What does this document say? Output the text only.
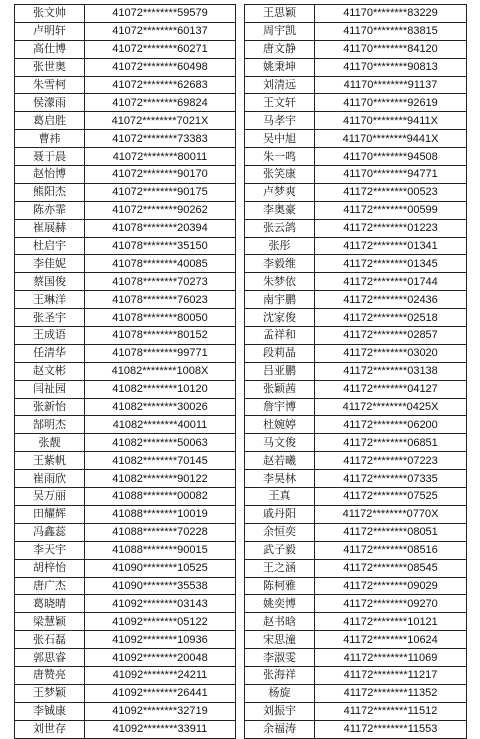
张文帅	41072********59579
卢明轩	41072********60137
高仕博	41072********60271
张世奥	41072********60498
朱雪柯	41072********62683
侯濛雨	41072********69824
葛启胜	41072********7021X
曹祎	41072********73383
聂于晨	41072********80011
赵怡博	41072********90170
熊阳杰	41072********90175
陈亦霏	41072********90262
崔展赫	41078********20394
杜启宇	41078********35150
李佳妮	41078********40085
蔡国俊	41078********70273
王琳洋	41078********76023
张圣宇	41078********80050
王成语	41078********80152
任清华	41078********99771
赵文彬	41082********1008X
闫祉园	41082********10120
张新怡	41082********30026
郜明杰	41082********40011
张靓	41082********50063
王紫帆	41082********70145
崔雨欣	41082********90122
吴万丽	41088********00082
田耀辉	41088********10019
冯鑫蕊	41088********70228
李天宇	41088********90015
胡梓怡	41090********10525
唐广杰	41090********35538
葛晓晴	41092********03143
梁慧颖	41092********05122
张石磊	41092********10936
郭思睿	41092********20048
唐赞亮	41092********24211
王梦颖	41092********26441
李铖康	41092********32719
刘世存	41092********33911
王思颖	41170********83229
周宇凯	41170********83815
唐文静	41170********84120
姚秉坤	41170********90813
刘清远	41170********91137
王文轩	41170********92619
马孝宇	41170********9411X
吴中旭	41170********9441X
朱一鸣	41170********94508
张笑康	41170********94771
卢梦爽	41172********00523
李奥豪	41172********00599
张云鸽	41172********01223
张彤	41172********01341
李毅维	41172********01345
朱梦依	41172********01744
南宇鹏	41172********02436
沈家俊	41172********02518
孟祥和	41172********02857
段莉晶	41172********03020
吕亚鹏	41172********03138
张颖茜	41172********04127
詹宇博	41172********0425X
杜婉婷	41172********06200
马文俊	41172********06851
赵若曦	41172********07223
李昊林	41172********07335
王真	41172********07525
戚丹阳	41172********0770X
余恒奕	41172********08051
武子毅	41172********08516
王之涵	41172********08545
陈柯雅	41172********09029
姚奕博	41172********09270
赵书晗	41172********10121
宋思潼	41172********10624
李淑雯	41172********11069
张海祥	41172********11217
杨旋	41172********11352
刘振宇	41172********11512
余福涛	41172********11553
